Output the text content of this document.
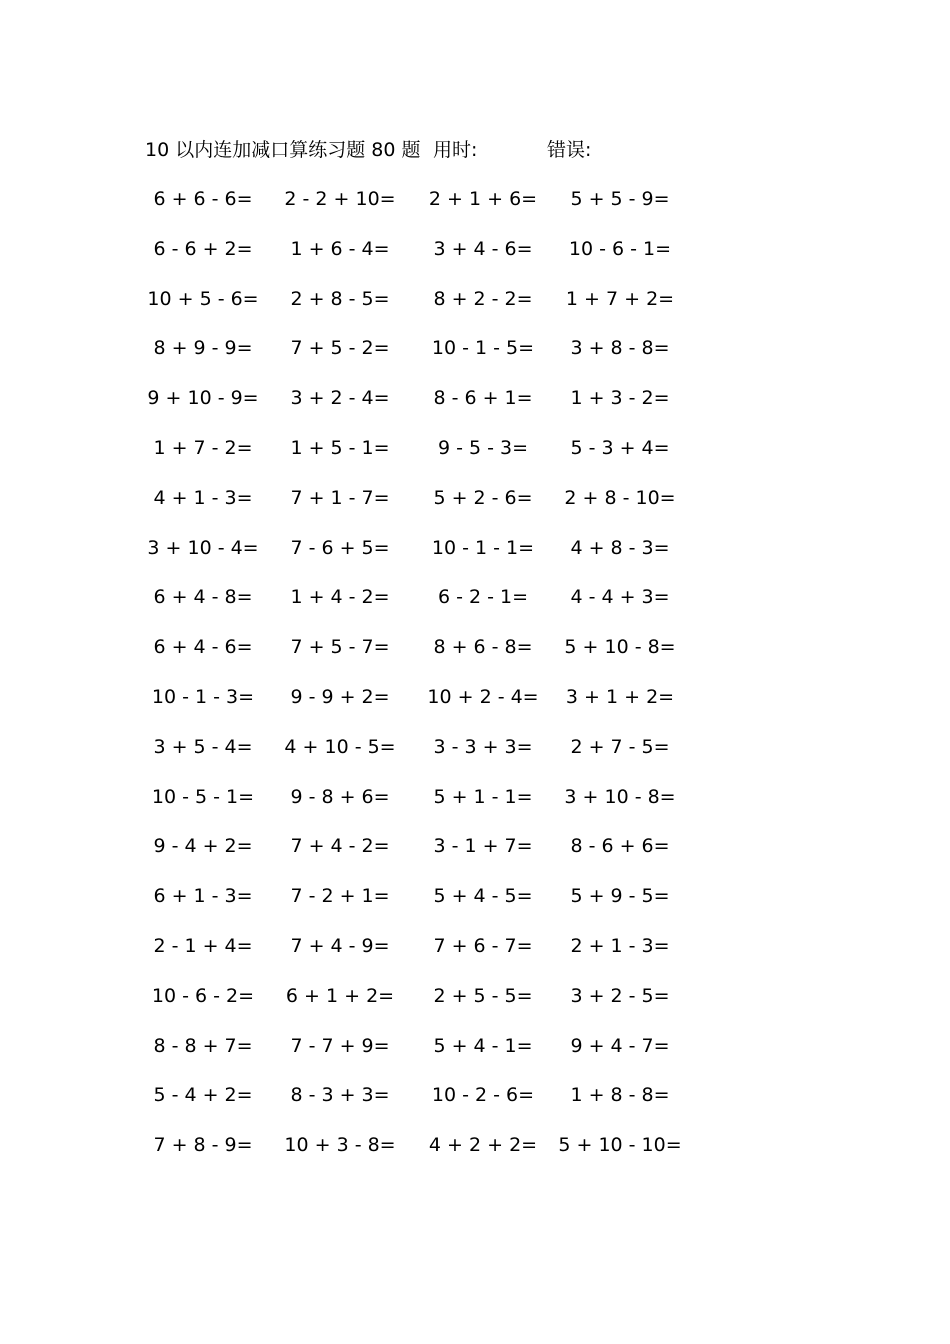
10 以内连加减口算练习题 80 题 用时:	错误:
6 + 6 - 6= 2 - 2 + 10= 2 + 1 + 6= 5 + 5 - 9=
6 - 6 + 2= 1 + 6 - 4= 3 + 4 - 6= 10 - 6 - 1=
10 + 5 - 6= 2 + 8 - 5= 8 + 2 - 2= 1 + 7 + 2=
8 + 9 - 9= 7 + 5 - 2= 10 - 1 - 5= 3 + 8 - 8=
9 + 10 - 9= 3 + 2 - 4= 8 - 6 + 1= 1 + 3 - 2=
1 + 7 - 2= 1 + 5 - 1=	9 - 5 - 3= 5 - 3 + 4=
4 + 1 - 3= 7 + 1 - 7= 5 + 2 - 6= 2 + 8 - 10=
3 + 10 - 4= 7 - 6 + 5= 10 - 1 - 1= 4 + 8 - 3=
6 + 4 - 8= 1 + 4 - 2=	6 - 2 - 1= 4 - 4 + 3=
6 + 4 - 6= 7 + 5 - 7= 8 + 6 - 8= 5 + 10 - 8=
10 - 1 - 3= 9 - 9 + 2= 10 + 2 - 4= 3 + 1 + 2=
3 + 5 - 4= 4 + 10 - 5= 3 - 3 + 3= 2 + 7 - 5=
10 - 5 - 1= 9 - 8 + 6= 5 + 1 - 1= 3 + 10 - 8=
9 - 4 + 2= 7 + 4 - 2= 3 - 1 + 7= 8 - 6 + 6=
6 + 1 - 3= 7 - 2 + 1= 5 + 4 - 5= 5 + 9 - 5=
2 - 1 + 4= 7 + 4 - 9= 7 + 6 - 7= 2 + 1 - 3=
10 - 6 - 2= 6 + 1 + 2= 2 + 5 - 5= 3 + 2 - 5=
8 - 8 + 7= 7 - 7 + 9= 5 + 4 - 1= 9 + 4 - 7=
5 - 4 + 2= 8 - 3 + 3= 10 - 2 - 6= 1 + 8 - 8=
7 + 8 - 9= 10 + 3 - 8= 4 + 2 + 2= 5 + 10 - 10=
